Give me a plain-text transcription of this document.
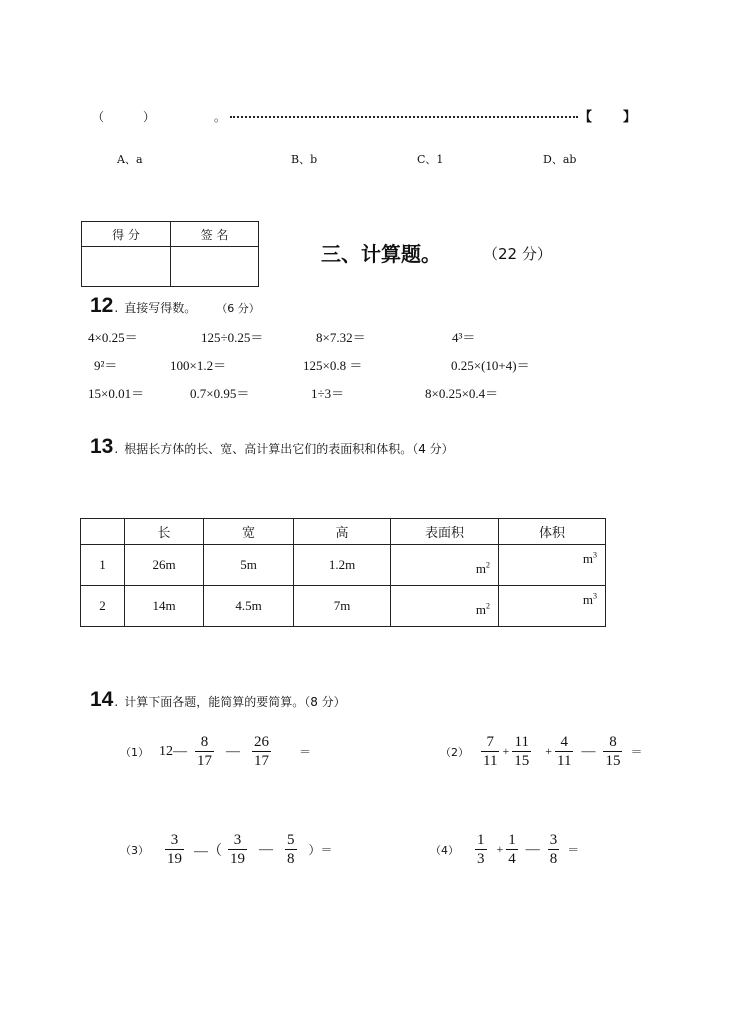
（	）	。	【 】
A、a	B、b	C、1	D、ab
得 分	签 名

三、计算题。	（22 分）
12 . 直接写得数。 （6 分）
4×0.25＝	125÷0.25＝	8×7.32＝	4³＝
9²＝	100×1.2＝	125×0.8 ＝	0.25×(10+4)＝
15×0.01＝	0.7×0.95＝	1÷3＝	8×0.25×0.4＝
13 . 根据长方体的长、宽、高计算出它们的表面积和体积。（4 分）
	长	宽	高	表面积	体积
1	26m	5m	1.2m	$m^2$	$m^3$
2	14m	4.5m	7m	$m^2$	$m^3$
14 . 计算下面各题，能简算的要简算。（8 分）
（1） 12— $\frac{8}{17}$ — $\frac{26}{17}$ ＝	$(2) \frac{7}{11} + \frac{11}{15} + \frac{4}{11}$ — $\frac{8}{15}$ ＝
$(3) \frac{3}{19}$ —（ $\frac{3}{19}$ — $\frac{5}{8}$ ）＝	$(4) \frac{1}{3} + \frac{1}{4}$ — $\frac{3}{8}$ ＝
